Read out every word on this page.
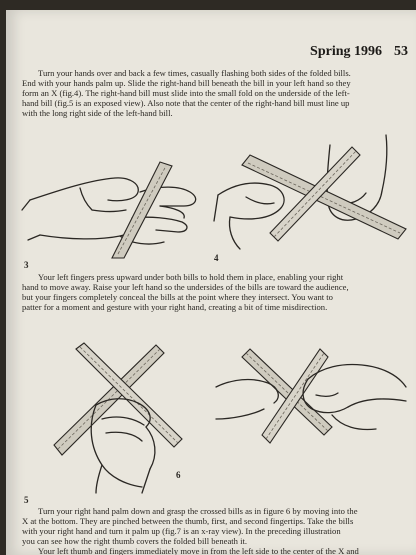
Spring 1996 53
Turn your hands over and back a few times, casually flashing both sides of the folded bills.
End with your hands palm up. Slide the right-hand bill beneath the bill in your left hand so they
form an X (fig.4). The right-hand bill must slide into the small fold on the underside of the left-
hand bill (fig.5 is an exposed view). Also note that the center of the right-hand bill must line up
with the long right side of the left-hand bill.
3
4
Your left fingers press upward under both bills to hold them in place, enabling your right
hand to move away. Raise your left hand so the undersides of the bills are toward the audience,
but your fingers completely conceal the bills at the point where they intersect. You want to
patter for a moment and gesture with your right hand, creating a bit of time misdirection.
5
6
Turn your right hand palm down and grasp the crossed bills as in figure 6 by moving into the
X at the bottom. They are pinched between the thumb, first, and second fingertips. Take the bills
with your right hand and turn it palm up (fig.7 is an x-ray view). In the preceding illustration
you can see how the right thumb covers the folded bill beneath it.
Your left thumb and fingers immediately move in from the left side to the center of the X and
